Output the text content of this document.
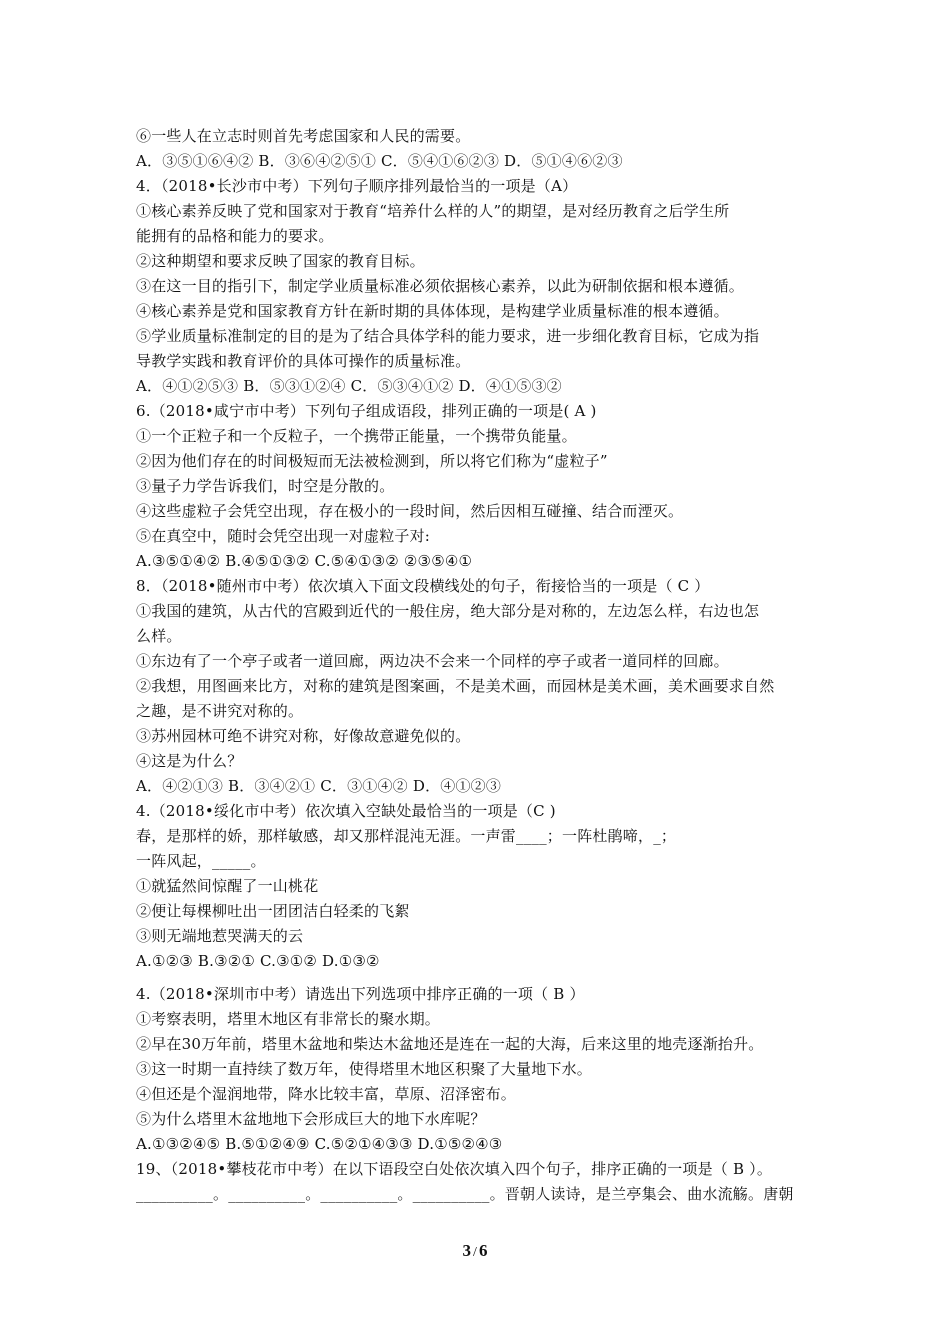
⑥一些人在立志时则首先考虑国家和人民的需要。
A．③⑤①⑥④② B．③⑥④②⑤① C．⑤④①⑥②③ D．⑤①④⑥②③
4．（2018•长沙市中考）下列句子顺序排列最恰当的一项是（A）
①核心素养反映了党和国家对于教育“培养什么样的人”的期望，是对经历教育之后学生所
能拥有的品格和能力的要求。
②这种期望和要求反映了国家的教育目标。
③在这一目的指引下，制定学业质量标准必须依据核心素养，以此为研制依据和根本遵循。
④核心素养是党和国家教育方针在新时期的具体体现，是构建学业质量标准的根本遵循。
⑤学业质量标准制定的目的是为了结合具体学科的能力要求，进一步细化教育目标，它成为指
导教学实践和教育评价的具体可操作的质量标准。
A．④①②⑤③ B．⑤③①②④ C．⑤③④①② D．④①⑤③②
6.（2018•咸宁市中考）下列句子组成语段，排列正确的一项是( A )
①一个正粒子和一个反粒子，一个携带正能量，一个携带负能量。
②因为他们存在的时间极短而无法被检测到，所以将它们称为“虚粒子”
③量子力学告诉我们，时空是分散的。
④这些虚粒子会凭空出现，存在极小的一段时间，然后因相互碰撞、结合而湮灭。
⑤在真空中，随时会凭空出现一对虚粒子对:
A.③⑤①④② B.④⑤①③② C.⑤④①③② ②③⑤④①
8．（2018•随州市中考）依次填入下面文段横线处的句子，衔接恰当的一项是（ C ）
①我国的建筑，从古代的宫殿到近代的一般住房，绝大部分是对称的，左边怎么样，右边也怎
么样。
①东边有了一个亭子或者一道回廊，两边决不会来一个同样的亭子或者一道同样的回廊。
②我想，用图画来比方，对称的建筑是图案画，不是美术画，而园林是美术画，美术画要求自然
之趣，是不讲究对称的。
③苏州园林可绝不讲究对称，好像故意避免似的。
④这是为什么？
A．④②①③ B．③④②① C．③①④② D．④①②③
4.（2018•绥化市中考）依次填入空缺处最恰当的一项是（C )
春，是那样的娇，那样敏感，却又那样混沌无涯。一声雷____；一阵杜鹃啼，_；
一阵风起，_____。
①就猛然间惊醒了一山桃花
②便让每棵柳吐出一团团洁白轻柔的飞絮
③则无端地惹哭满天的云
A.①②③ B.③②① C.③①② D.①③②
4.（2018•深圳市中考）请选出下列选项中排序正确的一项（ B ）
①考察表明，塔里木地区有非常长的聚水期。
②早在30万年前，塔里木盆地和柴达木盆地还是连在一起的大海，后来这里的地壳逐渐抬升。
③这一时期一直持续了数万年，使得塔里木地区积聚了大量地下水。
④但还是个湿润地带，降水比较丰富，草原、沼泽密布。
⑤为什么塔里木盆地地下会形成巨大的地下水库呢？
A.①③②④⑤ B.⑤①②④⑨ C.⑤②①④③③ D.①⑤②④③
19、（2018•攀枝花市中考）在以下语段空白处依次填入四个句子，排序正确的一项是（ B ）。
__________。__________。__________。__________。晋朝人读诗，是兰亭集会、曲水流觞。唐朝
3 / 6
